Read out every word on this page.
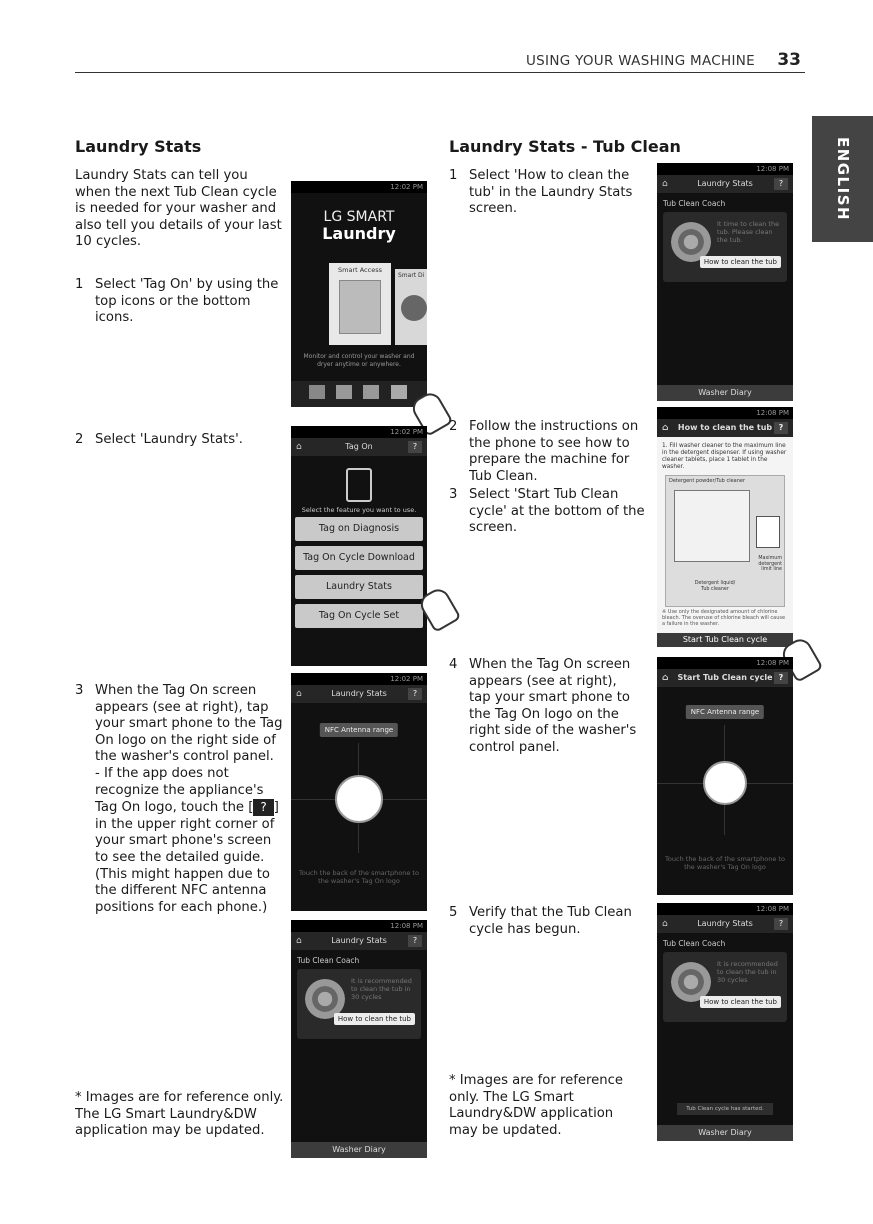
USING YOUR WASHING MACHINE 33
ENGLISH
Laundry Stats
Laundry Stats can tell you when the next Tub Clean cycle is needed for your washer and also tell you details of your last 10 cycles.
1 Select 'Tag On' by using the top icons or the bottom icons.
2 Select 'Laundry Stats'.
3 When the Tag On screen appears (see at right), tap your smart phone to the Tag On logo on the right side of the washer's control panel.
- If the app does not recognize the appliance's Tag On logo, touch the [ ? ] in the upper right corner of your smart phone's screen to see the detailed guide. (This might happen due to the different NFC antenna positions for each phone.)
* Images are for reference only. The LG Smart Laundry&DW application may be updated.
12:02 PM
LG SMART
Laundry
Smart Access
Smart Di
Monitor and control your washer and dryer anytime or anywhere.
12:02 PM
⌂	Tag On	?
Select the feature you want to use.
Tag on Diagnosis
Tag On Cycle Download
Laundry Stats
Tag On Cycle Set
12:02 PM
⌂	Laundry Stats	?
NFC Antenna range
Touch the back of the smartphone to the washer's Tag On logo
12:08 PM
⌂	Laundry Stats	?
Tub Clean Coach
It is recommended to clean the tub in 30 cycles
How to clean the tub
Washer Diary
Laundry Stats - Tub Clean
1 Select 'How to clean the tub' in the Laundry Stats screen.
2 Follow the instructions on the phone to see how to prepare the machine for Tub Clean.
3 Select 'Start Tub Clean cycle' at the bottom of the screen.
4 When the Tag On screen appears (see at right), tap your smart phone to the Tag On logo on the right side of the washer's control panel.
5 Verify that the Tub Clean cycle has begun.
* Images are for reference only. The LG Smart Laundry&DW application may be updated.
12:08 PM
⌂	Laundry Stats	?
Tub Clean Coach
It time to clean the tub. Please clean the tub.
How to clean the tub
Washer Diary
12:08 PM
⌂ How to clean the tub ?
1. Fill washer cleaner to the maximum line in the detergent dispenser. If using washer cleaner tablets, place 1 tablet in the washer.
Detergent powder/Tub cleaner
Maximum detergent limit line
Detergent liquid/ Tub cleaner
※ Use only the designated amount of chlorine bleach. The overuse of chlorine bleach will cause a failure in the washer.
Start Tub Clean cycle
12:08 PM
⌂ Start Tub Clean cycle ?
NFC Antenna range
Touch the back of the smartphone to the washer's Tag On logo
12:08 PM
⌂	Laundry Stats	?
Tub Clean Coach
It is recommended to clean the tub in 30 cycles
How to clean the tub
Tub Clean cycle has started.
Washer Diary
